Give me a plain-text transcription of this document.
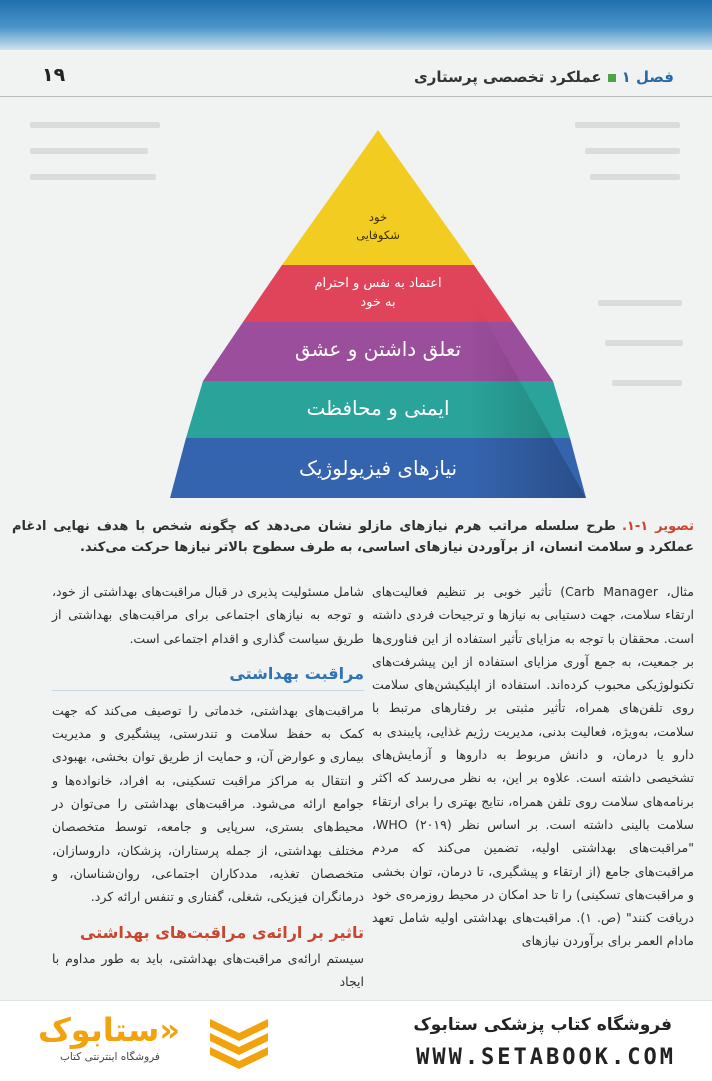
فصل ۱عملکرد تخصصی پرستاری
۱۹
خود
شکوفایی
اعتماد به نفس و احترام
به خود
تعلق داشتن و عشق
ایمنی و محافظت
نیازهای فیزیولوژیک
تصویر ۱-۱.طرح سلسله مراتب هرم نیازهای مازلو نشان می‌دهد که چگونه شخص با هدف نهایی ادغام عملکرد و سلامت انسان، از برآوردن نیازهای اساسی، به طرف سطوح بالاتر نیازها حرکت می‌کند.

مثال، Carb Manager) تأثیر خوبی بر تنظیم فعالیت‌های ارتقاء سلامت، جهت دستیابی به نیازها و ترجیحات فردی داشته است. محققان با توجه به مزایای تأثیر استفاده از این فناوری‌ها بر جمعیت، به جمع آوری مزایای استفاده از این پیشرفت‌های تکنولوژیکی محبوب کرده‌اند. استفاده از اپلیکیشن‌های سلامت روی تلفن‌های همراه، تأثیر مثبتی بر رفتارهای مرتبط با سلامت، به‌ویژه، فعالیت بدنی، مدیریت رژیم غذایی، پایبندی به دارو یا درمان، و دانش مربوط به داروها و آزمایش‌های تشخیصی داشته است. علاوه بر این، به نظر می‌رسد که اکثر برنامه‌های سلامت روی تلفن همراه، نتایج بهتری را برای ارتقاء سلامت بالینی داشته است. بر اساس نظر WHO (۲۰۱۹)، "مراقبت‌های بهداشتی اولیه، تضمین می‌کند که مردم مراقبت‌های جامع (از ارتقاء و پیشگیری، تا درمان، توان بخشی و مراقبت‌های تسکینی) را تا حد امکان در محیط روزمره‌ی خود دریافت کنند" (ص. ۱). مراقبت‌های بهداشتی اولیه شامل تعهد مادام العمر برای برآوردن نیازهای

شامل مسئولیت پذیری در قبال مراقبت‌های بهداشتی از خود، و توجه به نیازهای اجتماعی برای مراقبت‌های بهداشتی از طریق سیاست گذاری و اقدام اجتماعی است.

مراقبت بهداشتی

مراقبت‌های بهداشتی، خدماتی را توصیف می‌کند که جهت کمک به حفظ سلامت و تندرستی، پیشگیری و مدیریت بیماری و عوارض آن، و حمایت از طریق توان بخشی، بهبودی و انتقال به مراکز مراقبت تسکینی، به افراد، خانواده‌ها و جوامع ارائه می‌شود. مراقبت‌های بهداشتی را می‌توان در محیط‌های بستری، سرپایی و جامعه، توسط متخصصان مختلف بهداشتی، از جمله پرستاران، پزشکان، داروسازان، متخصصان تغذیه، مددکاران اجتماعی، روان‌شناسان، و درمانگران فیزیکی، شغلی، گفتاری و تنفس ارائه کرد.

تاثیر بر ارائه‌ی مراقبت‌های بهداشتی

سیستم ارائه‌ی مراقبت‌های بهداشتی، باید به طور مداوم با ایجاد

فروشگاه کتاب پزشکی ستابوک
WWW.SETABOOK.COM
«ستابوک
فروشگاه اینترنتی کتاب
